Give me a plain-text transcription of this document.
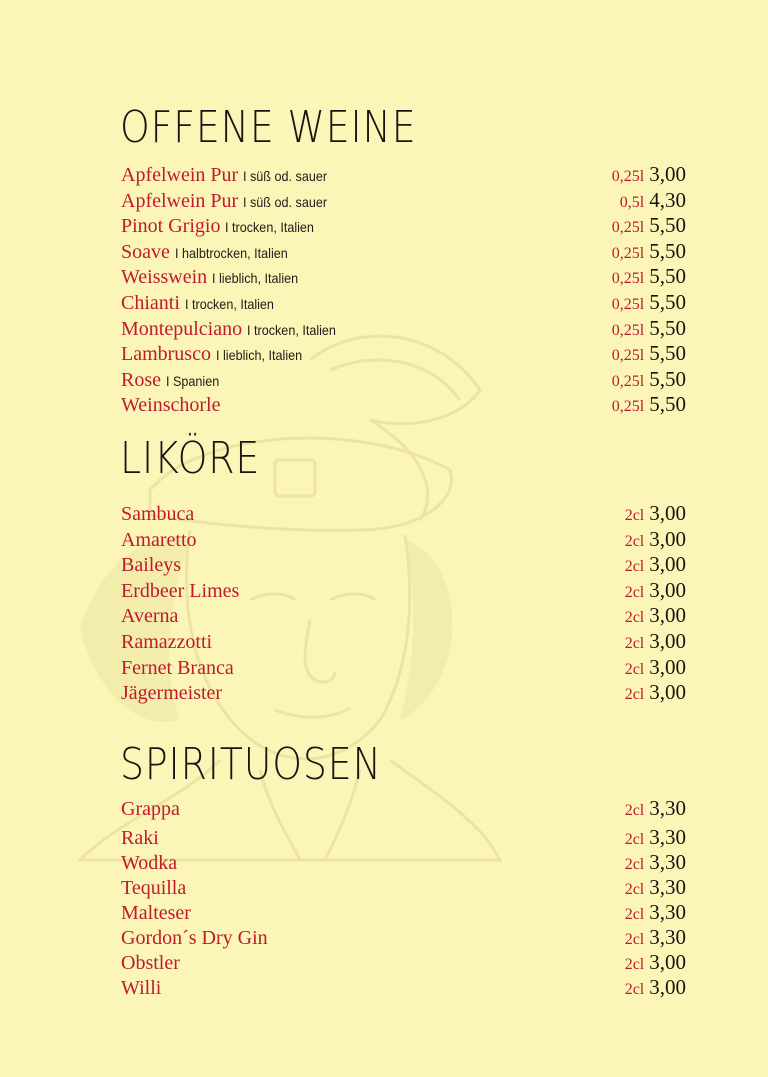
OFFENE WEINE
Apfelwein Pur I süß od. sauer	0,25l 3,00
Apfelwein Pur I süß od. sauer	0,5l 4,30
Pinot Grigio I trocken, Italien	0,25l 5,50
Soave I halbtrocken, Italien	0,25l 5,50
Weisswein I lieblich, Italien	0,25l 5,50
Chianti I trocken, Italien	0,25l 5,50
Montepulciano I trocken, Italien	0,25l 5,50
Lambrusco I lieblich, Italien	0,25l 5,50
Rose I Spanien	0,25l 5,50
Weinschorle	0,25l 5,50
LIKÖRE
Sambuca	2cl 3,00
Amaretto	2cl 3,00
Baileys	2cl 3,00
Erdbeer Limes	2cl 3,00
Averna	2cl 3,00
Ramazzotti	2cl 3,00
Fernet Branca	2cl 3,00
Jägermeister	2cl 3,00
SPIRITUOSEN
Grappa	2cl 3,30
Raki	2cl 3,30
Wodka	2cl 3,30
Tequilla	2cl 3,30
Malteser	2cl 3,30
Gordon´s Dry Gin	2cl 3,30
Obstler	2cl 3,00
Willi	2cl 3,00
